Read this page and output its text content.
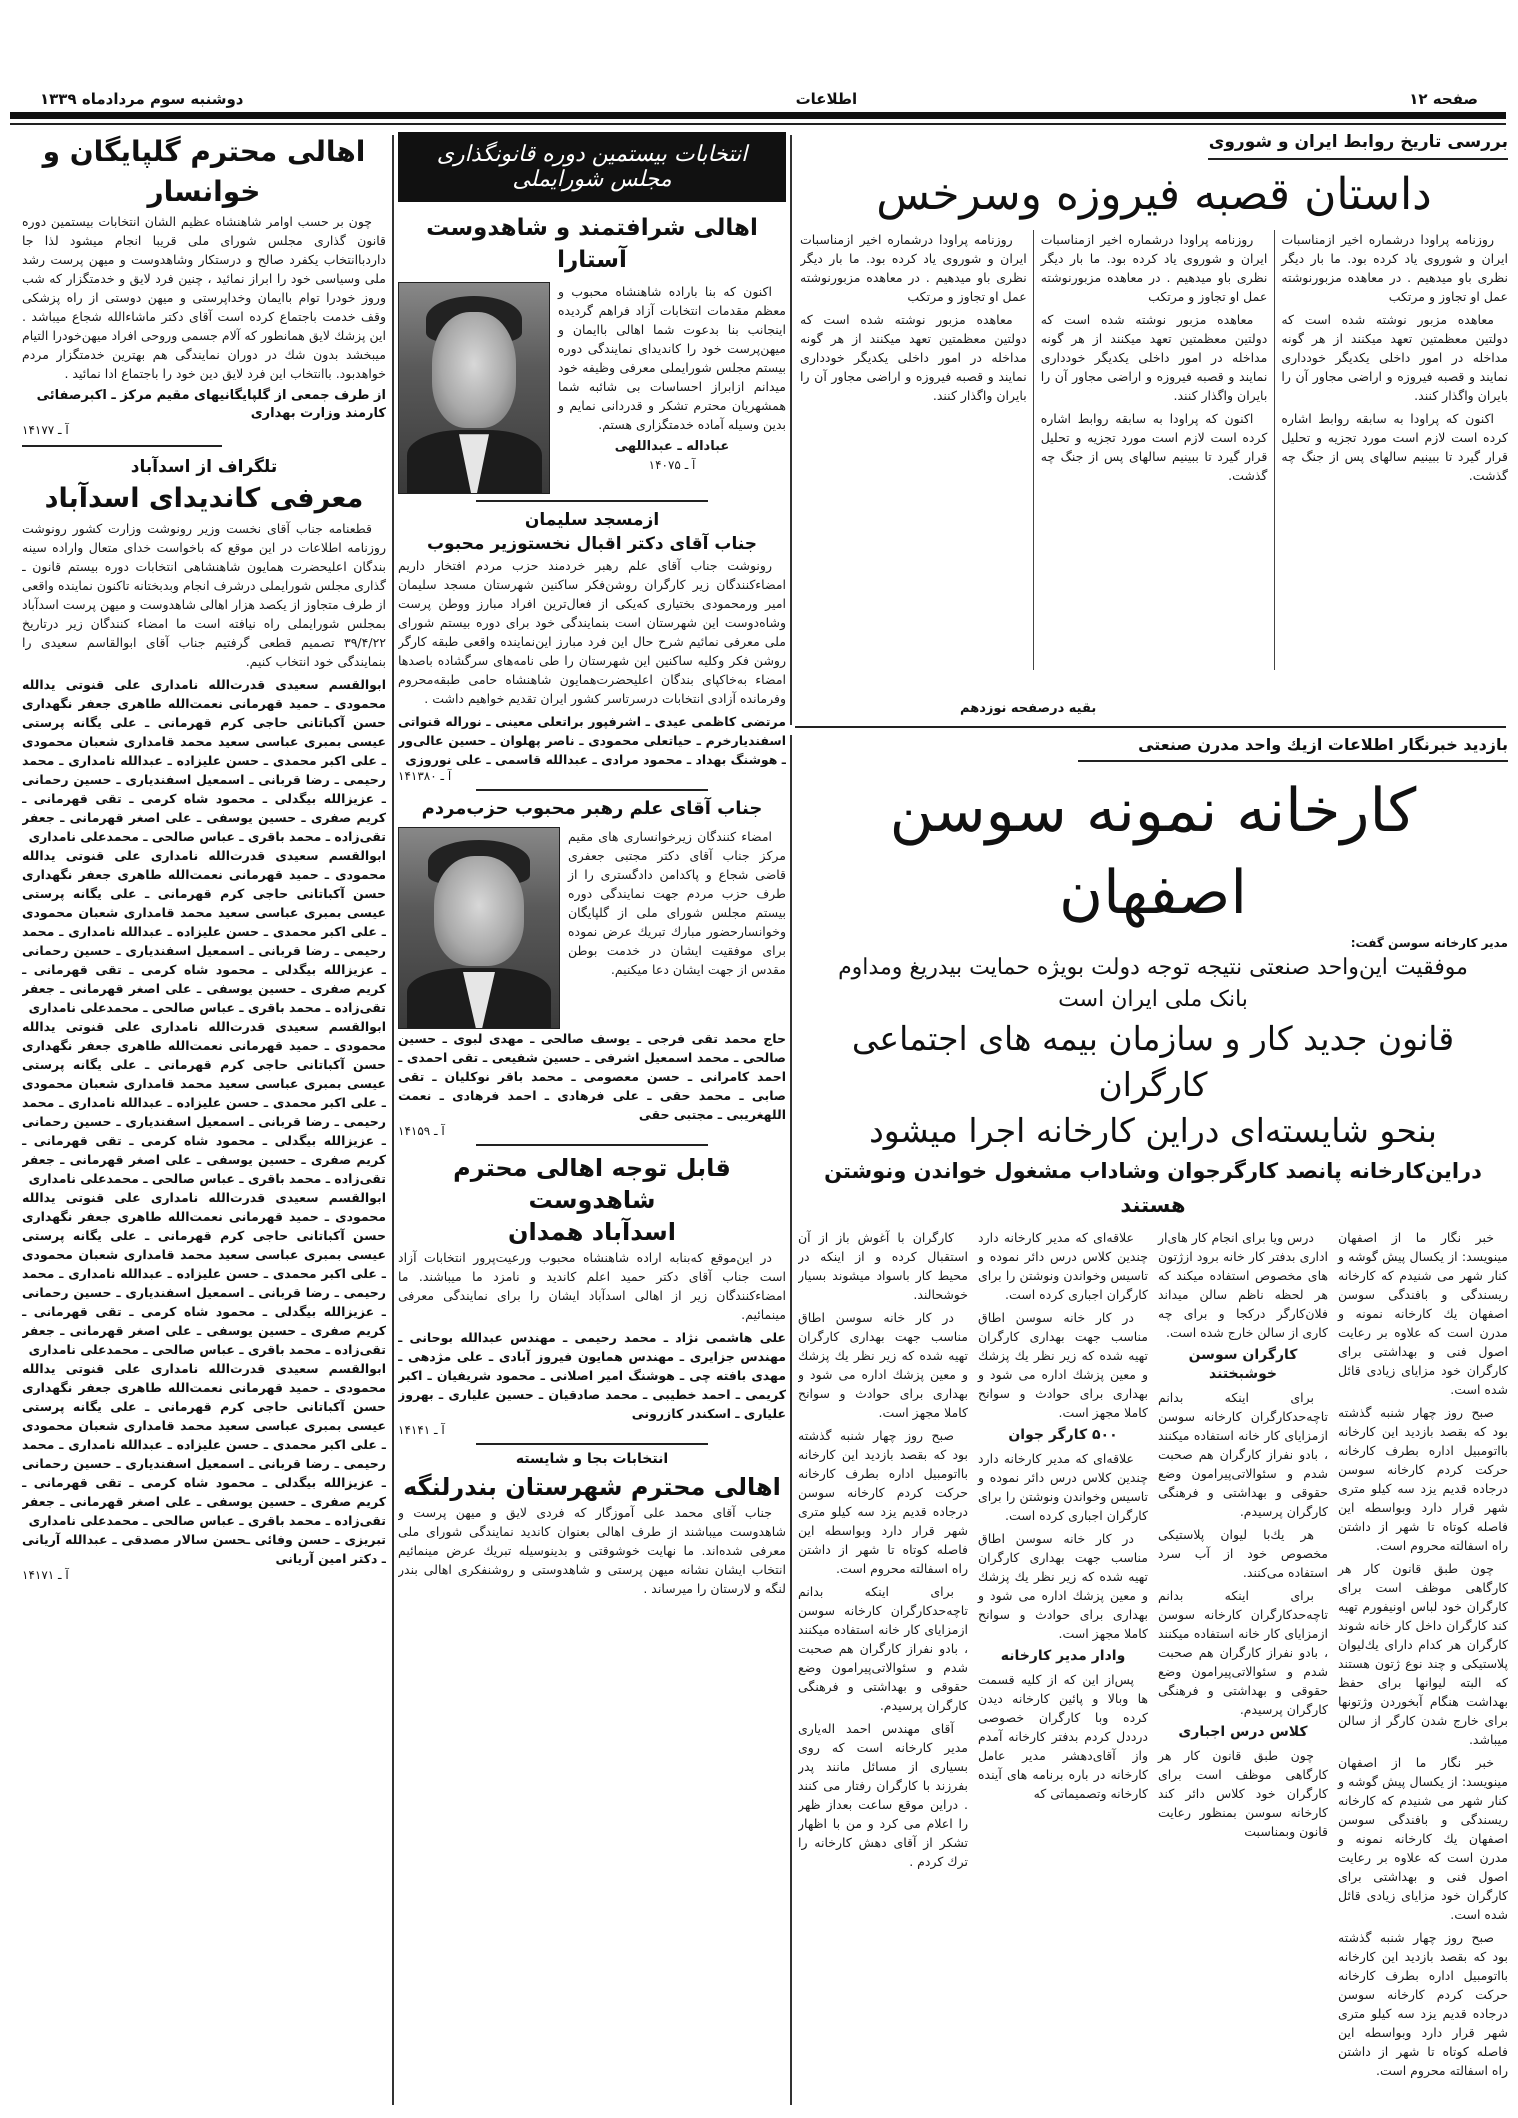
دوشنبه سوم مردادماه ۱۳۳۹	اطلاعات	صفحه ۱۲
بررسی تاریخ روابط ایران و شوروی
داستان قصبه فیروزه وسرخس

روزنامه پراودا درشماره اخیر ازمناسبات ایران و شوروی یاد کرده بود. ما بار دیگر نظری باو میدهیم . در معاهده مزبورنوشته عمل او تجاوز و مرتکب

معاهده مزبور نوشته شده است که دولتین معظمتین تعهد میکنند از هر گونه مداخله در امور داخلی یکدیگر خودداری نمایند و قصبه فیروزه و اراضی مجاور آن را بایران واگذار کنند.

اکنون که پراودا به سابقه روابط اشاره کرده است لازم است مورد تجزیه و تحلیل قرار گیرد تا ببینیم سالهای پس از جنگ چه گذشت.

روزنامه پراودا درشماره اخیر ازمناسبات ایران و شوروی یاد کرده بود. ما بار دیگر نظری باو میدهیم . در معاهده مزبورنوشته عمل او تجاوز و مرتکب

معاهده مزبور نوشته شده است که دولتین معظمتین تعهد میکنند از هر گونه مداخله در امور داخلی یکدیگر خودداری نمایند و قصبه فیروزه و اراضی مجاور آن را بایران واگذار کنند.

اکنون که پراودا به سابقه روابط اشاره کرده است لازم است مورد تجزیه و تحلیل قرار گیرد تا ببینیم سالهای پس از جنگ چه گذشت.

روزنامه پراودا درشماره اخیر ازمناسبات ایران و شوروی یاد کرده بود. ما بار دیگر نظری باو میدهیم . در معاهده مزبورنوشته عمل او تجاوز و مرتکب

معاهده مزبور نوشته شده است که دولتین معظمتین تعهد میکنند از هر گونه مداخله در امور داخلی یکدیگر خودداری نمایند و قصبه فیروزه و اراضی مجاور آن را بایران واگذار کنند.

بقیه درصفحه نوزدهم
انتخابات بیستمین دوره قانونگذاری مجلس شورایملی
اهالی شرافتمند و شاهدوست آستارا

اکنون که بنا باراده شاهنشاه محبوب و معظم مقدمات انتخابات آزاد فراهم گردیده اینجانب بنا بدعوت شما اهالی باایمان و میهن‌پرست خود را کاندیدای نمایندگی دوره بیستم مجلس شورایملی معرفی وظیفه خود میدانم ازابراز احساسات بی شائبه شما همشهریان محترم تشکر و قدردانی نمایم و بدین وسیله آماده خدمتگزاری هستم.

عباداله ـ عبداللهی
آ ـ ۱۴۰۷۵
ازمسجد سلیمان
جناب آقای دکتر اقبال نخستوزیر محبوب

رونوشت جناب آقای علم رهبر خردمند حزب مردم افتخار داریم امضاءکنندگان زیر کارگران روشن‌فکر ساکنین شهرستان مسجد سلیمان امیر ورمحمودی بختیاری که‌یکی از فعال‌ترین افراد مبارز ووطن پرست وشاه‌دوست این شهرستان است بنمایندگی خود برای دوره بیستم شورای ملی معرفی نمائیم شرح حال این فرد مبارز این‌نماینده واقعی طبقه کارگر روشن فکر وکلیه ساکنین این شهرستان را طی نامه‌های سرگشاده باصدها امضاء به‌خاکپای بندگان اعلیحضرت‌همایون شاهنشاه حامی طبقه‌محروم وفرمانده آزادی انتخابات درسرتاسر کشور ایران تقدیم خواهیم داشت .

مرتضی کاظمی عیدی ـ اشرفپور براتعلی معینی ـ نوراله قنواتی اسفندیارخرم ـ حیاتعلی محمودی ـ ناصر پهلوان ـ حسین عالی‌ور ـ هوشنگ بهداد ـ محمود مرادی ـ عبدالله قاسمی ـ علی نوروزی
آ ـ ۱۴۱۳۸۰
جناب آقای علم رهبر محبوب حزب‌مردم

امضاء کنندگان زیرخوانساری های مقیم مرکز جناب آقای دکتر مجتبی جعفری قاضی شجاع و پاکدامن دادگستری را از طرف حزب مردم جهت نمایندگی دوره بیستم مجلس شورای ملی از گلپایگان وخوانسارحضور مبارك تبریك عرض نموده برای موفقیت ایشان در خدمت بوطن مقدس از جهت ایشان دعا میکنیم.

حاج محمد تقی فرجی ـ یوسف صالحی ـ مهدی لبوی ـ حسین صالحی ـ محمد اسمعیل اشرفی ـ حسین شفیعی ـ تقی احمدی ـ احمد کامرانی ـ حسن معصومی ـ محمد باقر نوکلیان ـ تقی صابی ـ محمد حقی ـ علی فرهادی ـ احمد فرهادی ـ نعمت اللهغریبی ـ مجتبی حقی
آ ـ ۱۴۱۵۹
قابل توجه اهالی محترم شاهدوست
اسدآباد همدان

در این‌موقع که‌بنابه اراده شاهنشاه محبوب ورعیت‌پرور انتخابات آزاد است جناب آقای دکتر حمید اعلم کاندید و نامزد ما میباشند. ما امضاءکنندگان زیر از اهالی اسدآباد ایشان را برای نمایندگی معرفی مینمائیم.

علی هاشمی نژاد ـ محمد رحیمی ـ مهندس عبدالله بوحانی ـ مهندس جزایری ـ مهندس همایون فیروز آبادی ـ علی مژدهی ـ مهدی بافته چی ـ هوشنگ امیر اصلانی ـ محمود شریفیان ـ اکبر کریمی ـ احمد خطیبی ـ محمد صادقیان ـ حسین علیاری ـ بهروز علیاری ـ اسکندر کازرونی
آ ـ ۱۴۱۴۱
انتخابات بجا و شایسته
اهالی محترم شهرستان بندرلنگه

جناب آقای محمد علی آموزگار که فردی لایق و میهن پرست و شاهدوست میباشند از طرف اهالی بعنوان کاندید نمایندگی شورای ملی معرفی شده‌اند. ما نهایت خوشوقتی و بدینوسیله تبریك عرض مینمائیم انتخاب ایشان نشانه میهن پرستی و شاهدوستی و روشنفکری اهالی بندر لنگه و لارستان را میرساند .

اهالی محترم گلپایگان و خوانسار

چون بر حسب اوامر شاهنشاه عظیم الشان انتخابات بیستمین دوره قانون گذاری مجلس شورای ملی قریبا انجام میشود لذا جا داردباانتخاب یکفرد صالح و درستکار وشاهدوست و میهن پرست رشد ملی وسیاسی خود را ابراز نمائید ، چنین فرد لایق و خدمتگزار که شب وروز خودرا توام باایمان وخداپرستی و میهن دوستی از راه پزشکی وقف خدمت باجتماع کرده است آقای دکتر ماشاءالله شجاع میباشد . این پزشك لایق همانطور که آلام جسمی وروحی افراد میهن‌خودرا التیام میبخشد بدون شك در دوران نمایندگی هم بهترین خدمتگزار مردم خواهدبود. باانتخاب این فرد لایق دین خود را باجتماع ادا نمائید .

از طرف جمعی از گلپایگانیهای مقیم مرکز ـ اکبرصفائی کارمند وزارت بهداری
آ ـ ۱۴۱۷۷
تلگراف از اسدآباد
معرفی کاندیدای اسدآباد

قطعنامه جناب آقای نخست وزیر رونوشت وزارت کشور رونوشت روزنامه اطلاعات در این موقع که باخواست خدای متعال واراده سینه بندگان اعلیحضرت همایون شاهنشاهی انتخابات دوره بیستم قانون ـ گذاری مجلس شورایملی درشرف انجام وبدبختانه تاکنون نماینده واقعی از طرف متجاوز از یکصد هزار اهالی شاهدوست و میهن پرست اسدآباد بمجلس شورایملی راه نیافته است ما امضاء کنندگان زیر درتاریخ ۳۹/۴/۲۲ تصمیم قطعی گرفتیم جناب آقای ابوالقاسم سعیدی را بنمایندگی خود انتخاب کنیم.

ابوالقسم سعیدی قدرت‌الله نامداری علی قنوتی یدالله محمودی ـ حمید قهرمانی نعمت‌الله طاهری جعفر نگهداری حسن آکباتانی حاجی کرم قهرمانی ـ علی یگانه پرستی عیسی بمبری عباسی سعید محمد قامداری شعبان محمودی ـ علی اکبر محمدی ـ حسن علیزاده ـ عبدالله نامداری ـ محمد رحیمی ـ رضا قربانی ـ اسمعیل اسفندیاری ـ حسین رحمانی ـ عزیزالله بیگدلی ـ محمود شاه کرمی ـ تقی قهرمانی ـ کریم صفری ـ حسین یوسفی ـ علی اصغر قهرمانی ـ جعفر تقی‌زاده ـ محمد باقری ـ عباس صالحی ـ محمدعلی نامداری
ابوالقسم سعیدی قدرت‌الله نامداری علی قنوتی یدالله محمودی ـ حمید قهرمانی نعمت‌الله طاهری جعفر نگهداری حسن آکباتانی حاجی کرم قهرمانی ـ علی یگانه پرستی عیسی بمبری عباسی سعید محمد قامداری شعبان محمودی ـ علی اکبر محمدی ـ حسن علیزاده ـ عبدالله نامداری ـ محمد رحیمی ـ رضا قربانی ـ اسمعیل اسفندیاری ـ حسین رحمانی ـ عزیزالله بیگدلی ـ محمود شاه کرمی ـ تقی قهرمانی ـ کریم صفری ـ حسین یوسفی ـ علی اصغر قهرمانی ـ جعفر تقی‌زاده ـ محمد باقری ـ عباس صالحی ـ محمدعلی نامداری
ابوالقسم سعیدی قدرت‌الله نامداری علی قنوتی یدالله محمودی ـ حمید قهرمانی نعمت‌الله طاهری جعفر نگهداری حسن آکباتانی حاجی کرم قهرمانی ـ علی یگانه پرستی عیسی بمبری عباسی سعید محمد قامداری شعبان محمودی ـ علی اکبر محمدی ـ حسن علیزاده ـ عبدالله نامداری ـ محمد رحیمی ـ رضا قربانی ـ اسمعیل اسفندیاری ـ حسین رحمانی ـ عزیزالله بیگدلی ـ محمود شاه کرمی ـ تقی قهرمانی ـ کریم صفری ـ حسین یوسفی ـ علی اصغر قهرمانی ـ جعفر تقی‌زاده ـ محمد باقری ـ عباس صالحی ـ محمدعلی نامداری
ابوالقسم سعیدی قدرت‌الله نامداری علی قنوتی یدالله محمودی ـ حمید قهرمانی نعمت‌الله طاهری جعفر نگهداری حسن آکباتانی حاجی کرم قهرمانی ـ علی یگانه پرستی عیسی بمبری عباسی سعید محمد قامداری شعبان محمودی ـ علی اکبر محمدی ـ حسن علیزاده ـ عبدالله نامداری ـ محمد رحیمی ـ رضا قربانی ـ اسمعیل اسفندیاری ـ حسین رحمانی ـ عزیزالله بیگدلی ـ محمود شاه کرمی ـ تقی قهرمانی ـ کریم صفری ـ حسین یوسفی ـ علی اصغر قهرمانی ـ جعفر تقی‌زاده ـ محمد باقری ـ عباس صالحی ـ محمدعلی نامداری
ابوالقسم سعیدی قدرت‌الله نامداری علی قنوتی یدالله محمودی ـ حمید قهرمانی نعمت‌الله طاهری جعفر نگهداری حسن آکباتانی حاجی کرم قهرمانی ـ علی یگانه پرستی عیسی بمبری عباسی سعید محمد قامداری شعبان محمودی ـ علی اکبر محمدی ـ حسن علیزاده ـ عبدالله نامداری ـ محمد رحیمی ـ رضا قربانی ـ اسمعیل اسفندیاری ـ حسین رحمانی ـ عزیزالله بیگدلی ـ محمود شاه کرمی ـ تقی قهرمانی ـ کریم صفری ـ حسین یوسفی ـ علی اصغر قهرمانی ـ جعفر تقی‌زاده ـ محمد باقری ـ عباس صالحی ـ محمدعلی نامداری
تبریزی ـ حسن وفائی ـحسن سالار مصدقی ـ عبدالله آریانی ـ دکتر امین آریانی
آ ـ ۱۴۱۷۱
بازدید خبرنگار اطلاعات ازیك واحد مدرن صنعتی
کارخانه نمونه سوسن اصفهان
مدیر کارخانه سوسن گفت:
موفقیت این‌واحد صنعتی نتیجه توجه دولت بویژه حمایت بیدریغ ومداوم
بانک ملی ایران است
قانون جدید کار و سازمان بیمه های اجتماعی کارگران
بنحو شایسته‌ای دراین کارخانه اجرا میشود
دراین‌کارخانه پانصد کارگرجوان وشاداب مشغول خواندن ونوشتن هستند

خبر نگار ما از اصفهان مینویسد: از یکسال پیش گوشه و کنار شهر می شنیدم که کارخانه ریسندگی و بافندگی سوسن اصفهان یك کارخانه نمونه و مدرن است که علاوه بر رعایت اصول فنی و بهداشتی برای کارگران خود مزایای زیادی قائل شده است.

صبح روز چهار شنبه گذشته بود که بقصد بازدید این کارخانه بااتومبیل اداره بطرف کارخانه حرکت کردم کارخانه سوسن درجاده قدیم یزد سه کیلو متری شهر قرار دارد وبواسطه این فاصله کوتاه تا شهر از داشتن راه اسفالته محروم است.

چون طبق قانون کار هر کارگاهی موظف است برای کارگران خود لباس اونیفورم تهیه کند کارگران داخل کار خانه شوند کارگران هر کدام دارای یك‌لیوان پلاستیکی و چند نوع ژتون هستند که البته لیوانها برای حفظ بهداشت هنگام آبخوردن وژتونها برای خارج شدن کارگر از سالن میباشد.

خبر نگار ما از اصفهان مینویسد: از یکسال پیش گوشه و کنار شهر می شنیدم که کارخانه ریسندگی و بافندگی سوسن اصفهان یك کارخانه نمونه و مدرن است که علاوه بر رعایت اصول فنی و بهداشتی برای کارگران خود مزایای زیادی قائل شده است.

صبح روز چهار شنبه گذشته بود که بقصد بازدید این کارخانه بااتومبیل اداره بطرف کارخانه حرکت کردم کارخانه سوسن درجاده قدیم یزد سه کیلو متری شهر قرار دارد وبواسطه این فاصله کوتاه تا شهر از داشتن راه اسفالته محروم است.

درس ویا برای انجام کار های‌ار اداری بدفتر کار خانه برود ازژتون های مخصوص استفاده میکند که هر لحظه ناظم سالن میداند فلان‌کارگر درکجا و برای چه کاری از سالن خارج شده است.

کارگران سوسن خوشبختند

برای اینکه بدانم تاچه‌حدکارگران کارخانه سوسن ازمزایای کار خانه استفاده میکنند ، بادو نفراز کارگران هم صحبت شدم و سئوالاتی‌پیرامون وضع حقوقی و بهداشتی و فرهنگی کارگران پرسیدم.

هر یك‌با لیوان پلاستیکی مخصوص خود از آب سرد استفاده می‌کنند.

برای اینکه بدانم تاچه‌حدکارگران کارخانه سوسن ازمزایای کار خانه استفاده میکنند ، بادو نفراز کارگران هم صحبت شدم و سئوالاتی‌پیرامون وضع حقوقی و بهداشتی و فرهنگی کارگران پرسیدم.

کلاس درس اجباری

چون طبق قانون کار هر کارگاهی موظف است برای کارگران خود کلاس دائر کند کارخانه سوسن بمنظور رعایت قانون وبمناسبت

علاقه‌ای که مدیر کارخانه دارد چندین کلاس درس دائر نموده و تاسیس وخواندن ونوشتن را برای کارگران اجباری کرده است.

در کار خانه سوسن اطاق مناسب جهت بهداری کارگران تهیه شده که زیر نظر یك پزشك و معین پزشك اداره می شود و بهداری برای حوادث و سوانح کاملا مجهز است.

۵۰۰ کارگر جوان

علاقه‌ای که مدیر کارخانه دارد چندین کلاس درس دائر نموده و تاسیس وخواندن ونوشتن را برای کارگران اجباری کرده است.

در کار خانه سوسن اطاق مناسب جهت بهداری کارگران تهیه شده که زیر نظر یك پزشك و معین پزشك اداره می شود و بهداری برای حوادث و سوانح کاملا مجهز است.

وادار مدیر کارخانه

پس‌از این که از کلیه قسمت ها وبالا و پائین کارخانه دیدن کرده وبا کارگران خصوصی درددل کردم بدفتر کارخانه آمدم واز آقای‌دهشر مدیر عامل کارخانه در باره برنامه های آینده کارخانه وتصمیماتی که

کارگران با آغوش باز از آن استقبال کرده و از اینکه در محیط کار باسواد میشوند بسیار خوشحالند.

در کار خانه سوسن اطاق مناسب جهت بهداری کارگران تهیه شده که زیر نظر یك پزشك و معین پزشك اداره می شود و بهداری برای حوادث و سوانح کاملا مجهز است.

صبح روز چهار شنبه گذشته بود که بقصد بازدید این کارخانه بااتومبیل اداره بطرف کارخانه حرکت کردم کارخانه سوسن درجاده قدیم یزد سه کیلو متری شهر قرار دارد وبواسطه این فاصله کوتاه تا شهر از داشتن راه اسفالته محروم است.

برای اینکه بدانم تاچه‌حدکارگران کارخانه سوسن ازمزایای کار خانه استفاده میکنند ، بادو نفراز کارگران هم صحبت شدم و سئوالاتی‌پیرامون وضع حقوقی و بهداشتی و فرهنگی کارگران پرسیدم.

آقای مهندس احمد اله‌یاری مدیر کارخانه است که روی بسیاری از مسائل مانند پدر بفرزند با کارگران رفتار می کنند . دراین موقع ساعت بعداز ظهر را اعلام می کرد و من با اظهار تشکر از آقای دهش کارخانه را ترك کردم .
